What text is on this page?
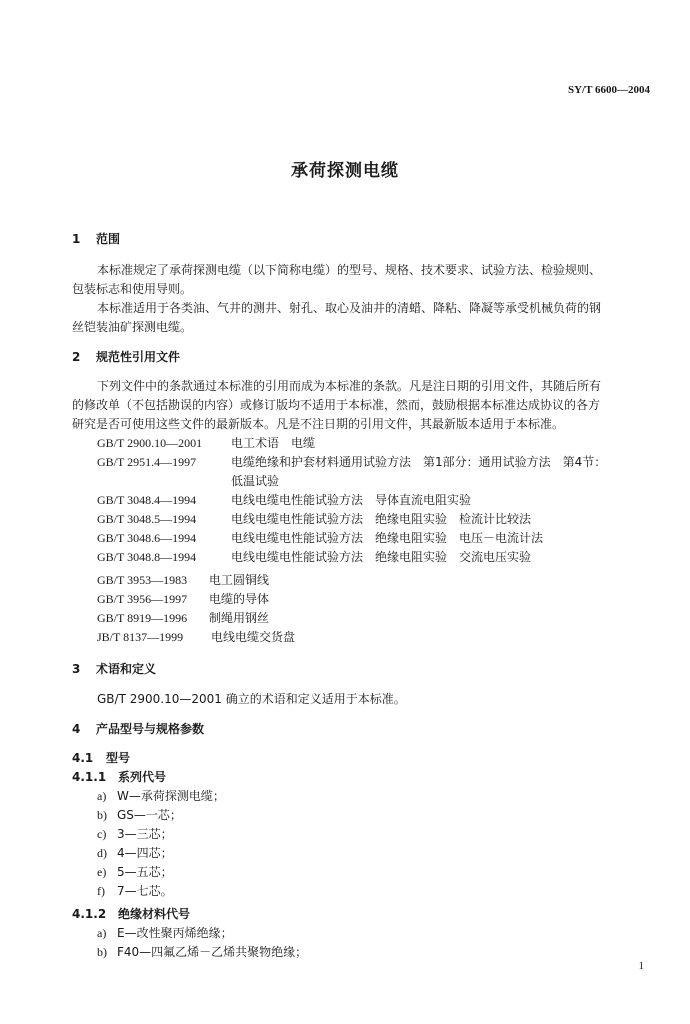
SY/T 6600—2004
承荷探测电缆
1 范围
本标准规定了承荷探测电缆（以下简称电缆）的型号、规格、技术要求、试验方法、检验规则、
包装标志和使用导则。
本标准适用于各类油、气井的测井、射孔、取心及油井的清蜡、降粘、降凝等承受机械负荷的钢
丝铠装油矿探测电缆。
2 规范性引用文件
下列文件中的条款通过本标准的引用而成为本标准的条款。凡是注日期的引用文件，其随后所有
的修改单（不包括勘误的内容）或修订版均不适用于本标准，然而，鼓励根据本标准达成协议的各方
研究是否可使用这些文件的最新版本。凡是不注日期的引用文件，其最新版本适用于本标准。
GB/T 2900.10—2001 电工术语　电缆
GB/T 2951.4—1997	电缆绝缘和护套材料通用试验方法　第1部分：通用试验方法　第4节：
低温试验
GB/T 3048.4—1994	电线电缆电性能试验方法　导体直流电阻实验
GB/T 3048.5—1994	电线电缆电性能试验方法　绝缘电阻实验　检流计比较法
GB/T 3048.6—1994	电线电缆电性能试验方法　绝缘电阻实验　电压－电流计法
GB/T 3048.8—1994	电线电缆电性能试验方法　绝缘电阻实验　交流电压实验
GB/T 3953—1983 电工圆铜线
GB/T 3956—1997 电缆的导体
GB/T 8919—1996 制绳用钢丝
JB/T 8137—1999 电线电缆交货盘
3 术语和定义
GB/T 2900.10—2001 确立的术语和定义适用于本标准。
4 产品型号与规格参数
4.1 型号
4.1.1 系列代号
a) W—承荷探测电缆；
b) GS—一芯；
c) 3—三芯；
d) 4—四芯；
e) 5—五芯；
f) 7—七芯。
4.1.2 绝缘材料代号
a) E—改性聚丙烯绝缘；
b) F40—四氟乙烯－乙烯共聚物绝缘；
1
